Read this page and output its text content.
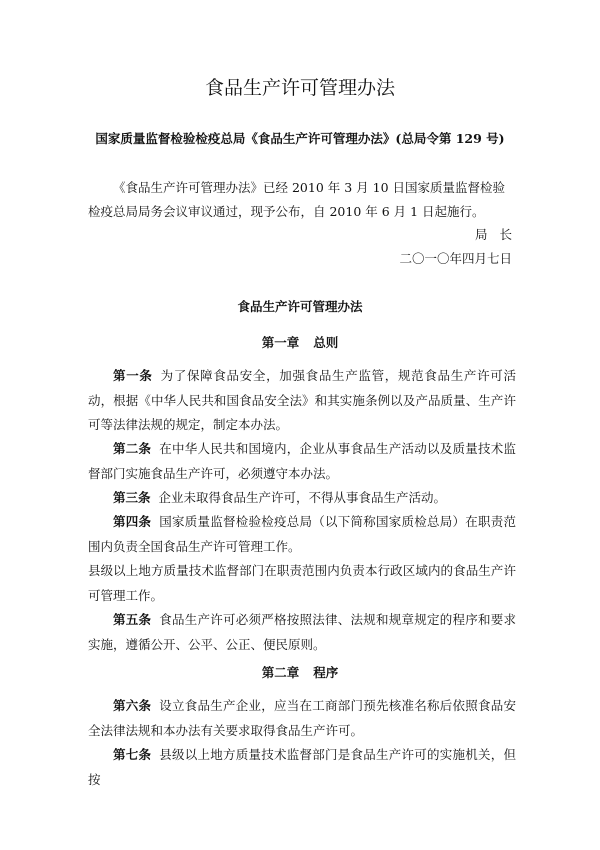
食品生产许可管理办法
国家质量监督检验检疫总局《食品生产许可管理办法》(总局令第 129 号)
《食品生产许可管理办法》已经 2010 年 3 月 10 日国家质量监督检验检疫总局局务会议审议通过，现予公布，自 2010 年 6 月 1 日起施行。
局长
二〇一〇年四月七日
食品生产许可管理办法
第一章 总则
第一条 为了保障食品安全，加强食品生产监管，规范食品生产许可活动，根据《中华人民共和国食品安全法》和其实施条例以及产品质量、生产许可等法律法规的规定，制定本办法。
第二条 在中华人民共和国境内，企业从事食品生产活动以及质量技术监督部门实施食品生产许可，必须遵守本办法。
第三条 企业未取得食品生产许可，不得从事食品生产活动。
第四条 国家质量监督检验检疫总局（以下简称国家质检总局）在职责范围内负责全国食品生产许可管理工作。
县级以上地方质量技术监督部门在职责范围内负责本行政区域内的食品生产许可管理工作。
第五条 食品生产许可必须严格按照法律、法规和规章规定的程序和要求实施，遵循公开、公平、公正、便民原则。
第二章 程序
第六条 设立食品生产企业，应当在工商部门预先核准名称后依照食品安全法律法规和本办法有关要求取得食品生产许可。
第七条 县级以上地方质量技术监督部门是食品生产许可的实施机关，但按
